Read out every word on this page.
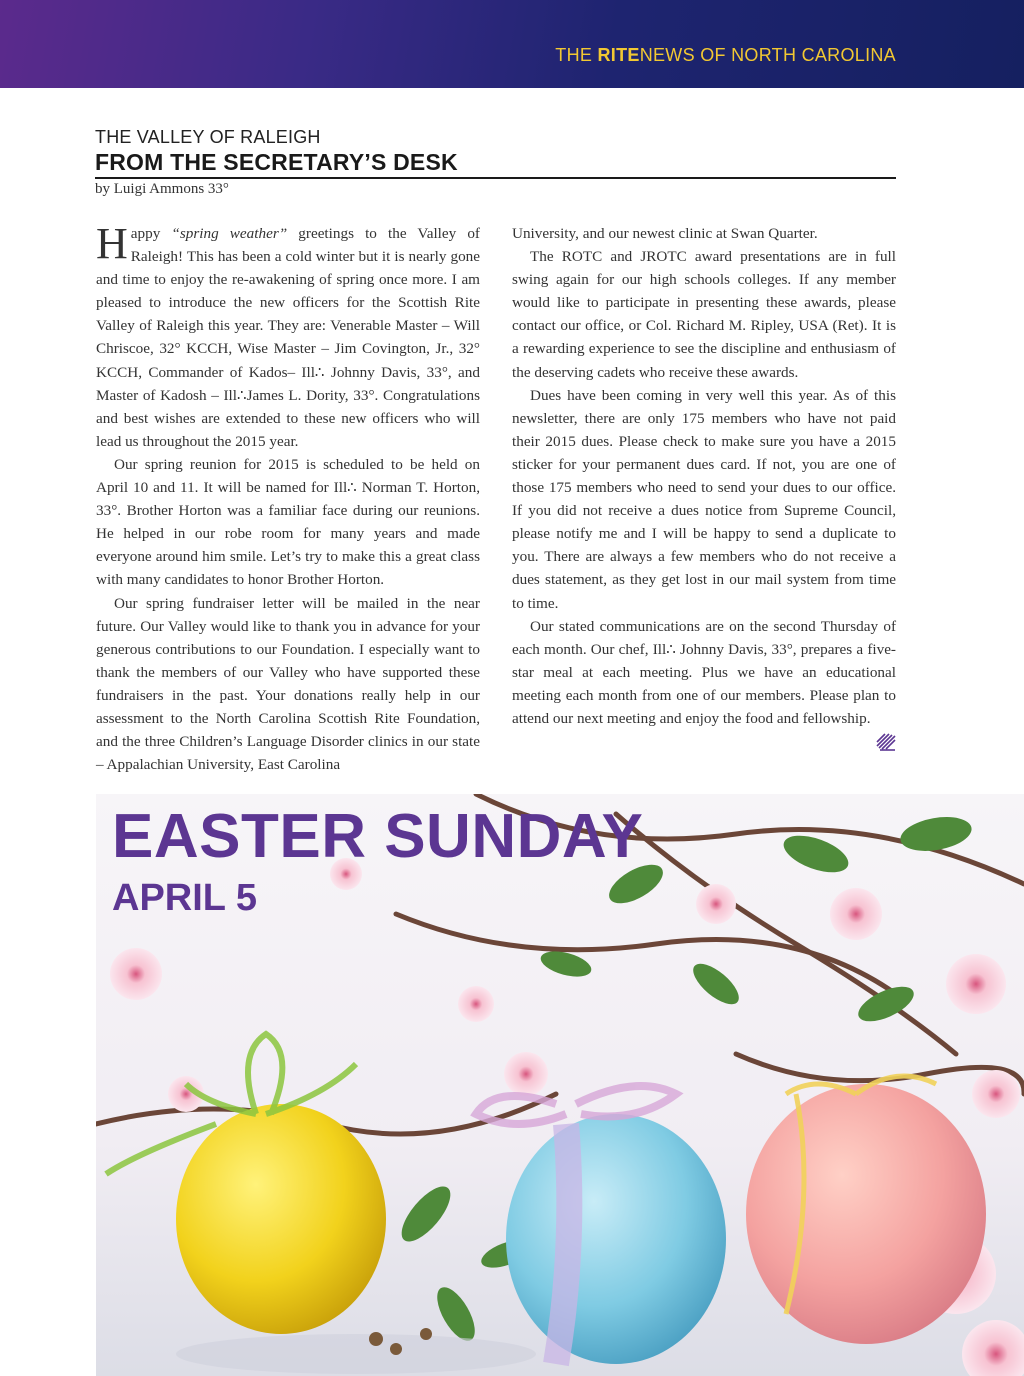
THE RITENEWS OF NORTH CAROLINA
THE VALLEY OF RALEIGH
FROM THE SECRETARY’S DESK
by Luigi Ammons 33°

Happy “spring weather” greetings to the Valley of Raleigh! This has been a cold winter but it is nearly gone and time to enjoy the re-awakening of spring once more. I am pleased to introduce the new officers for the Scottish Rite Valley of Raleigh this year. They are: Venerable Master – Will Chriscoe, 32° KCCH, Wise Master – Jim Covington, Jr., 32° KCCH, Commander of Kados– Ill∴ Johnny Davis, 33°, and Master of Kadosh – Ill∴James L. Dority, 33°. Congratulations and best wishes are extended to these new officers who will lead us throughout the 2015 year.

Our spring reunion for 2015 is scheduled to be held on April 10 and 11. It will be named for Ill∴ Norman T. Horton, 33°. Brother Horton was a familiar face during our reunions. He helped in our robe room for many years and made everyone around him smile. Let’s try to make this a great class with many candidates to honor Brother Horton.

Our spring fundraiser letter will be mailed in the near future. Our Valley would like to thank you in advance for your generous contributions to our Foundation. I especially want to thank the members of our Valley who have supported these fundraisers in the past. Your donations really help in our assessment to the North Carolina Scottish Rite Foundation, and the three Children’s Language Disorder clinics in our state – Appalachian University, East Carolina

University, and our newest clinic at Swan Quarter.

The ROTC and JROTC award presentations are in full swing again for our high schools colleges. If any member would like to participate in presenting these awards, please contact our office, or Col. Richard M. Ripley, USA (Ret). It is a rewarding experience to see the discipline and enthusiasm of the deserving cadets who receive these awards.

Dues have been coming in very well this year. As of this newsletter, there are only 175 members who have not paid their 2015 dues. Please check to make sure you have a 2015 sticker for your permanent dues card. If not, you are one of those 175 members who need to send your dues to our office. If you did not receive a dues notice from Supreme Council, please notify me and I will be happy to send a duplicate to you. There are always a few members who do not receive a dues statement, as they get lost in our mail system from time to time.

Our stated communications are on the second Thursday of each month. Our chef, Ill∴ Johnny Davis, 33°, prepares a five-star meal at each meeting. Plus we have an educational meeting each month from one of our members. Please plan to attend our next meeting and enjoy the food and fellowship.

EASTER SUNDAY
APRIL 5
